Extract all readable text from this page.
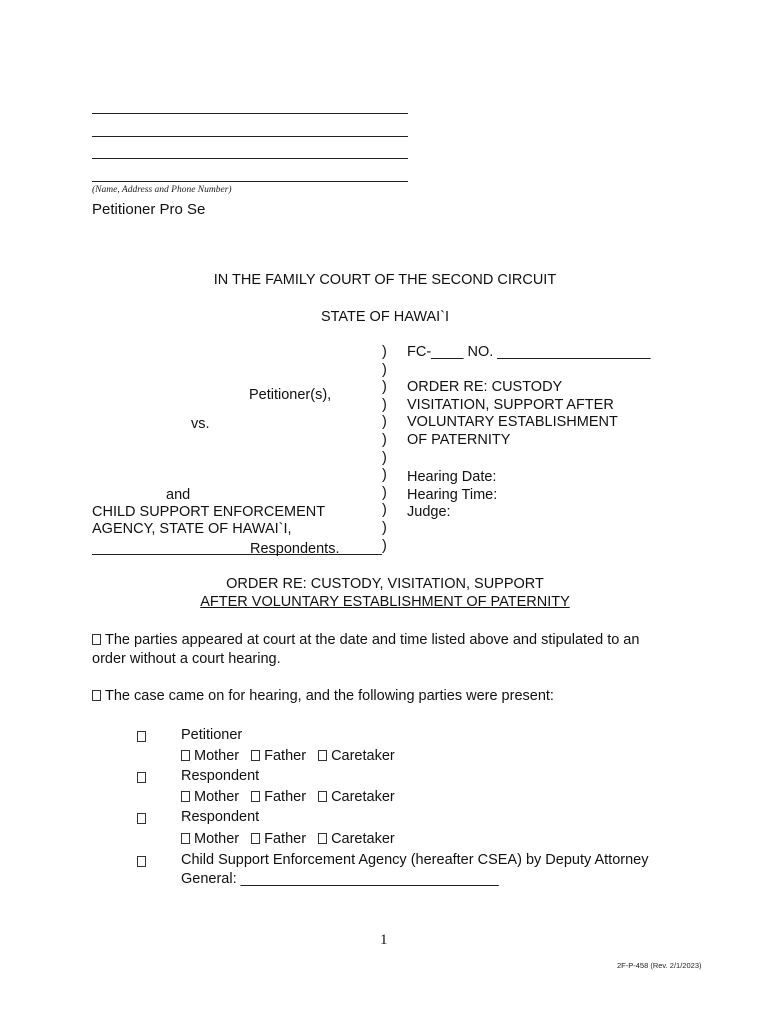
(Name, Address and Phone Number)
Petitioner Pro Se
IN THE FAMILY COURT OF THE SECOND CIRCUIT
STATE OF HAWAI`I
Petitioner(s),
vs.
and
CHILD SUPPORT ENFORCEMENT
AGENCY, STATE OF HAWAI`I,
Respondents.
)
)
)
)
)
)
)
)
)
)
)
)
FC-____ NO. ___________________
ORDER RE: CUSTODY
VISITATION, SUPPORT AFTER
VOLUNTARY ESTABLISHMENT
OF PATERNITY
Hearing Date:
Hearing Time:
Judge:
ORDER RE: CUSTODY, VISITATION, SUPPORT
AFTER VOLUNTARY ESTABLISHMENT OF PATERNITY
The parties appeared at court at the date and time listed above and stipulated to an
order without a court hearing.
The case came on for hearing, and the following parties were present:
Petitioner
Mother Father Caretaker
Respondent
Mother Father Caretaker
Respondent
Mother Father Caretaker
Child Support Enforcement Agency (hereafter CSEA) by Deputy Attorney
General: ________________________________
1
2F-P-458 (Rev. 2/1/2023)
